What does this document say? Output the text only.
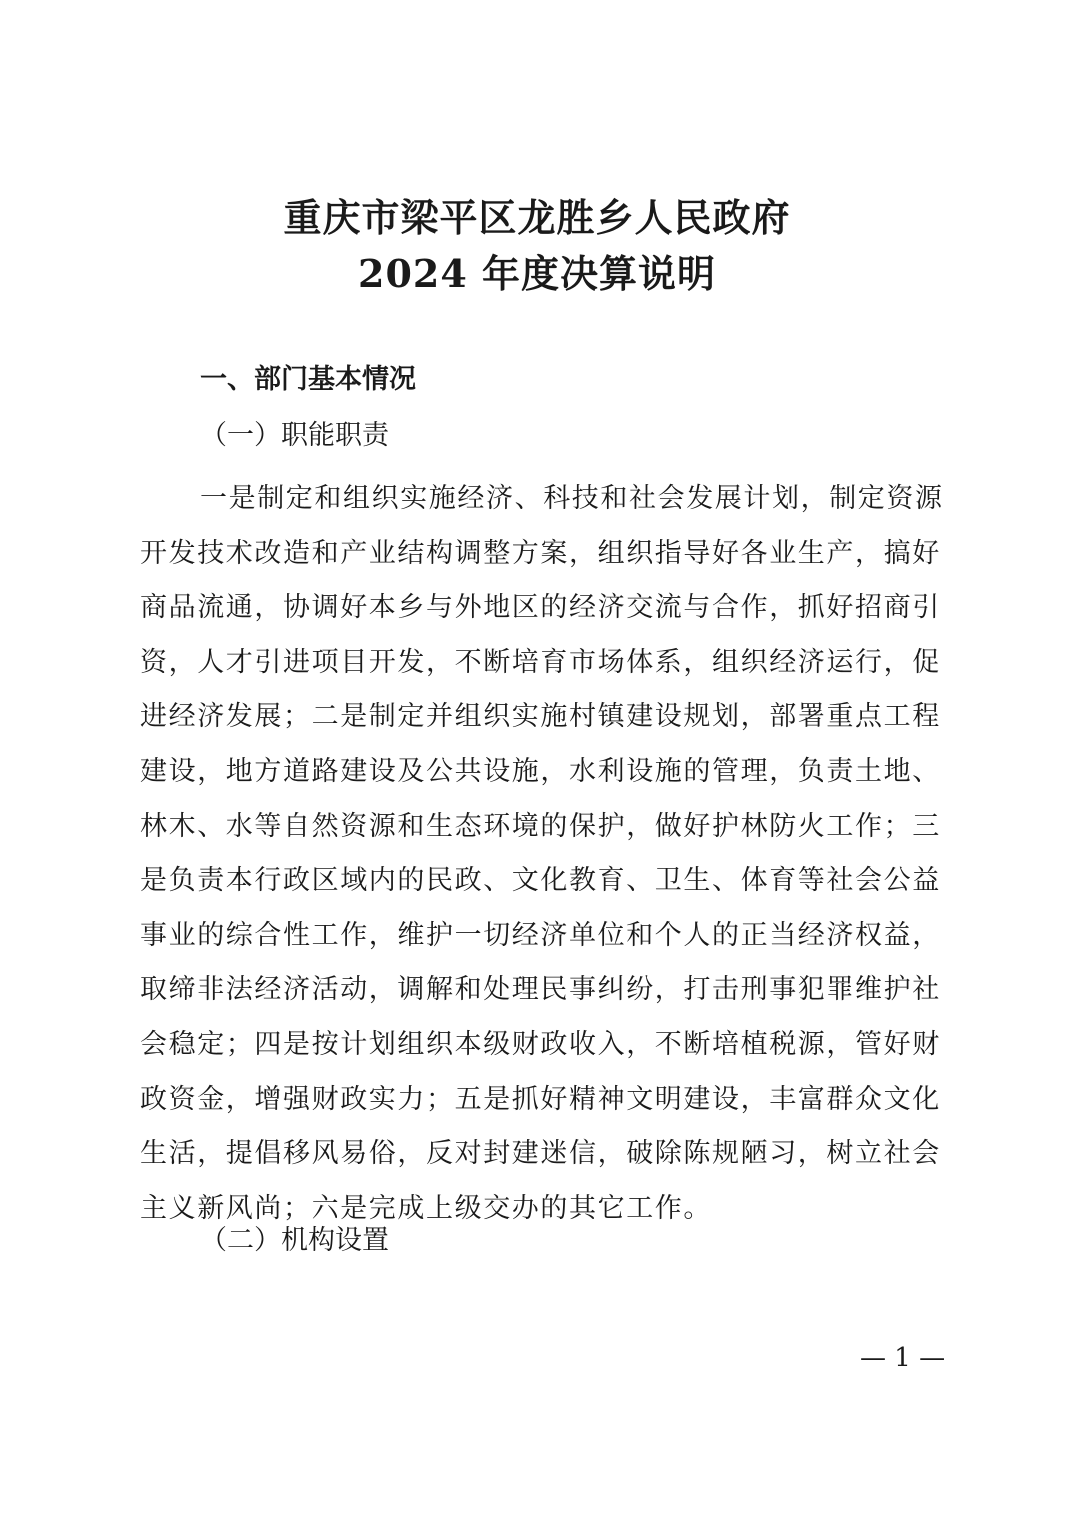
重庆市梁平区龙胜乡人民政府
2024 年度决算说明
一、部门基本情况
（一）职能职责
一是制定和组织实施经济、科技和社会发展计划，制定资源
开发技术改造和产业结构调整方案，组织指导好各业生产，搞好
商品流通，协调好本乡与外地区的经济交流与合作，抓好招商引
资，人才引进项目开发，不断培育市场体系，组织经济运行，促
进经济发展；二是制定并组织实施村镇建设规划，部署重点工程
建设，地方道路建设及公共设施，水利设施的管理，负责土地、
林木、水等自然资源和生态环境的保护，做好护林防火工作；三
是负责本行政区域内的民政、文化教育、卫生、体育等社会公益
事业的综合性工作，维护一切经济单位和个人的正当经济权益，
取缔非法经济活动，调解和处理民事纠纷，打击刑事犯罪维护社
会稳定；四是按计划组织本级财政收入，不断培植税源，管好财
政资金，增强财政实力；五是抓好精神文明建设，丰富群众文化
生活，提倡移风易俗，反对封建迷信，破除陈规陋习，树立社会
主义新风尚；六是完成上级交办的其它工作。
（二）机构设置
— 1 —
